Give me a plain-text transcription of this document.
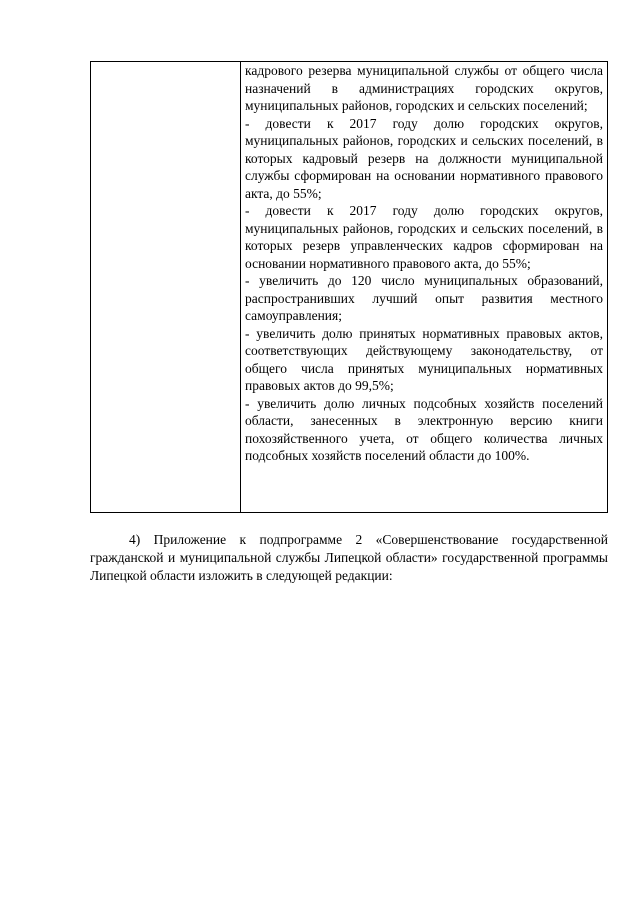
кадрового резерва муниципальной службы от общего числа назначений в администрациях городских округов, муниципальных районов, городских и сельских поселений;

- довести к 2017 году долю городских округов, муниципальных районов, городских и сельских поселений, в которых кадровый резерв на должности муниципальной службы сформирован на основании нормативного правового акта, до 55%;

- довести к 2017 году долю городских округов, муниципальных районов, городских и сельских поселений, в которых резерв управленческих кадров сформирован на основании нормативного правового акта, до 55%;

- увеличить до 120 число муниципальных образований, распространивших лучший опыт развития местного самоуправления;

- увеличить долю принятых нормативных правовых актов, соответствующих действующему законодательству, от общего числа принятых муниципальных нормативных правовых актов до 99,5%;

- увеличить долю личных подсобных хозяйств поселений области, занесенных в электронную версию книги похозяйственного учета, от общего количества личных подсобных хозяйств поселений области до 100%.

4) Приложение к подпрограмме 2 «Совершенствование государственной гражданской и муниципальной службы Липецкой области» государственной программы Липецкой области изложить в следующей редакции:
